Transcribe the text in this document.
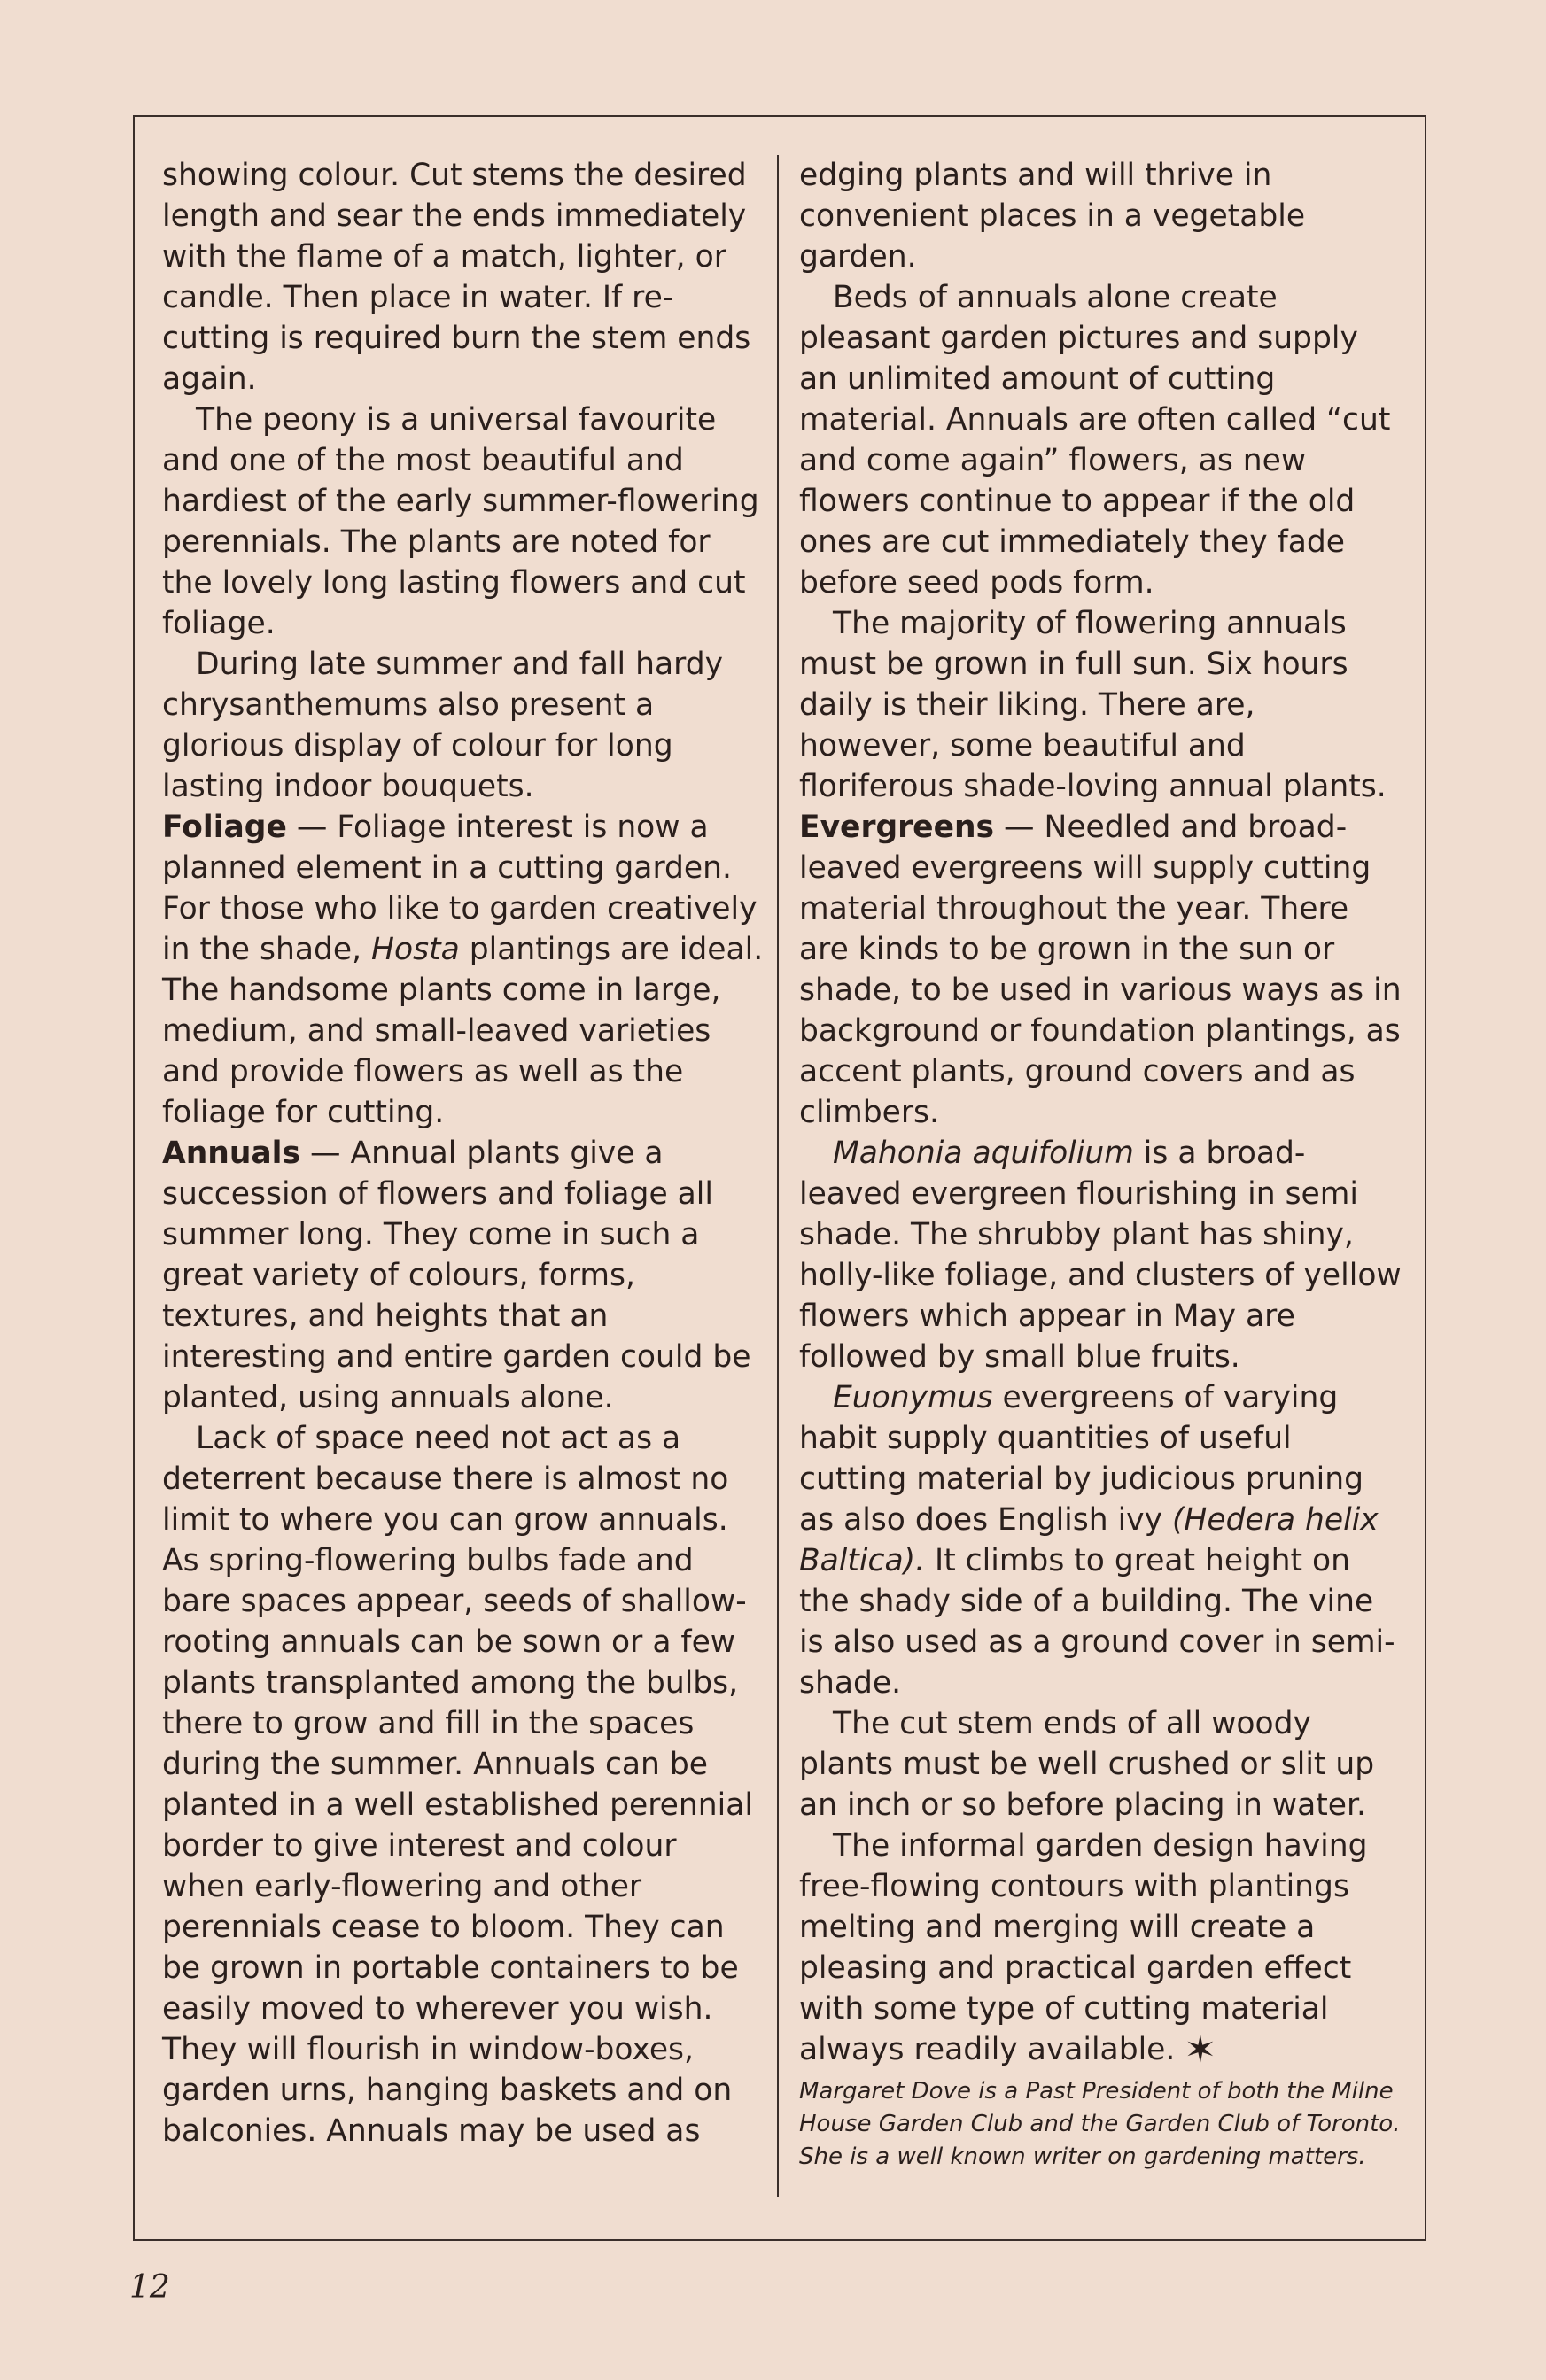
showing colour. Cut stems the desired length and sear the ends immediately with the flame of a match, lighter, or candle. Then place in water. If re-cutting is required burn the stem ends again.

The peony is a universal favourite and one of the most beautiful and hardiest of the early summer-flowering perennials. The plants are noted for the lovely long lasting flowers and cut foliage.

During late summer and fall hardy chrysanthemums also present a glorious display of colour for long lasting indoor bouquets.

Foliage — Foliage interest is now a planned element in a cutting garden. For those who like to garden creatively in the shade, Hosta plantings are ideal. The handsome plants come in large, medium, and small-leaved varieties and provide flowers as well as the foliage for cutting.

Annuals — Annual plants give a succession of flowers and foliage all summer long. They come in such a great variety of colours, forms, textures, and heights that an interesting and entire garden could be planted, using annuals alone.

Lack of space need not act as a deterrent because there is almost no limit to where you can grow annuals. As spring-flowering bulbs fade and bare spaces appear, seeds of shallow-rooting annuals can be sown or a few plants transplanted among the bulbs, there to grow and fill in the spaces during the summer. Annuals can be planted in a well established perennial border to give interest and colour when early-flowering and other perennials cease to bloom. They can be grown in portable containers to be easily moved to wherever you wish. They will flourish in window-boxes, garden urns, hanging baskets and on balconies. Annuals may be used as

edging plants and will thrive in convenient places in a vegetable garden.

Beds of annuals alone create pleasant garden pictures and supply an unlimited amount of cutting material. Annuals are often called “cut and come again” flowers, as new flowers continue to appear if the old ones are cut immediately they fade before seed pods form.

The majority of flowering annuals must be grown in full sun. Six hours daily is their liking. There are, however, some beautiful and floriferous shade-loving annual plants.

Evergreens — Needled and broad-leaved evergreens will supply cutting material throughout the year. There are kinds to be grown in the sun or shade, to be used in various ways as in background or foundation plantings, as accent plants, ground covers and as climbers.

Mahonia aquifolium is a broad-leaved evergreen flourishing in semi shade. The shrubby plant has shiny, holly-like foliage, and clusters of yellow flowers which appear in May are followed by small blue fruits.

Euonymus evergreens of varying habit supply quantities of useful cutting material by judicious pruning as also does English ivy (Hedera helix Baltica). It climbs to great height on the shady side of a building. The vine is also used as a ground cover in semi-shade.

The cut stem ends of all woody plants must be well crushed or slit up an inch or so before placing in water.

The informal garden design having free-flowing contours with plantings melting and merging will create a pleasing and practical garden effect with some type of cutting material always readily available. ✶

Margaret Dove is a Past President of both the Milne House Garden Club and the Garden Club of Toronto. She is a well known writer on gardening matters.

12
